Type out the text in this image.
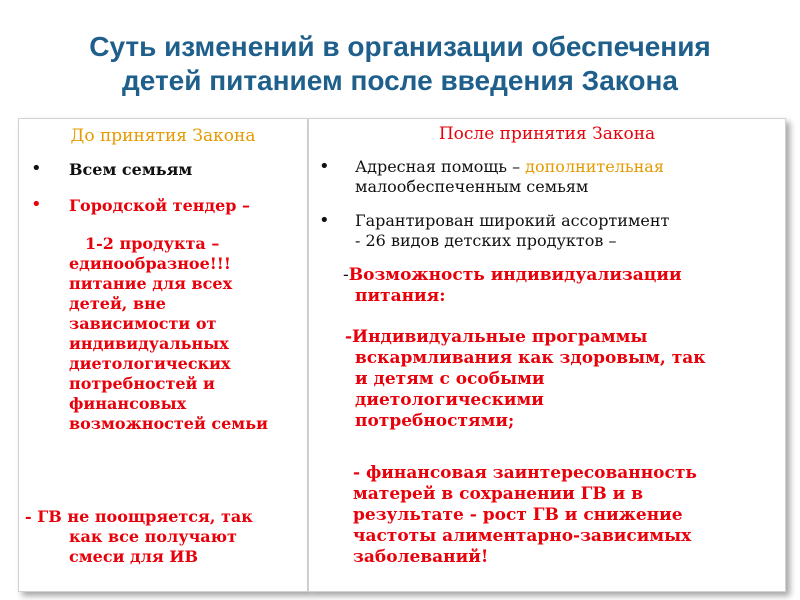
Суть изменений в организации обеспечения
детей питанием после введения Закона
До принятия Закона
• Всем семьям
• Городской тендер –
1-2 продукта –
единообразное!!!
питание для всех
детей, вне
зависимости от
индивидуальных
диетологических
потребностей и
финансовых
возможностей семьи
- ГВ не поощряется, так
как все получают
смеси для ИВ
После принятия Закона
• Адресная помощь – дополнительная
малообеспеченным семьям
• Гарантирован широкий ассортимент
- 26 видов детских продуктов –
-Возможность индивидуализации
питания:
-Индивидуальные программы
вскармливания как здоровым, так
и детям с особыми
диетологическими
потребностями;
- финансовая заинтересованность
матерей в сохранении ГВ и в
результате - рост ГВ и снижение
частоты алиментарно-зависимых
заболеваний!
